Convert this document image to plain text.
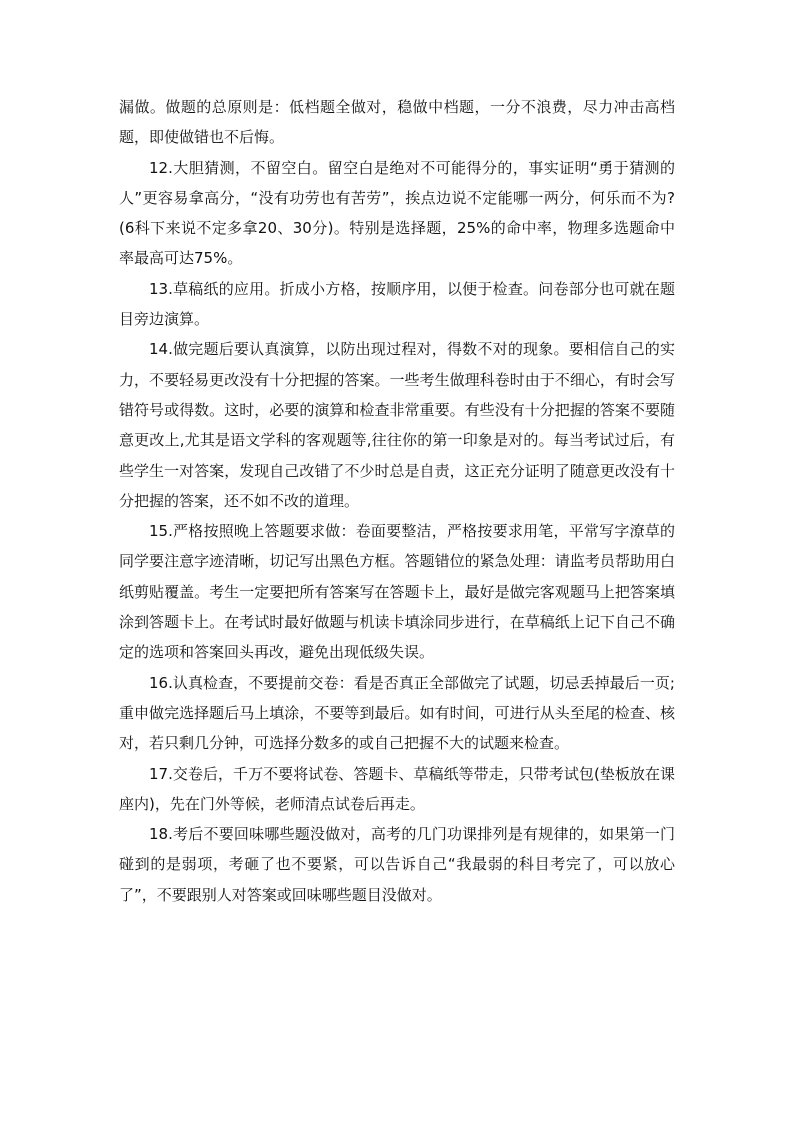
漏做。做题的总原则是：低档题全做对，稳做中档题，一分不浪费，尽力冲击高档题，即使做错也不后悔。

12.大胆猜测，不留空白。留空白是绝对不可能得分的，事实证明“勇于猜测的人”更容易拿高分，“没有功劳也有苦劳”，挨点边说不定能哪一两分，何乐而不为?(6科下来说不定多拿20、30分)。特别是选择题，25%的命中率，物理多选题命中率最高可达75%。

13.草稿纸的应用。折成小方格，按顺序用，以便于检查。问卷部分也可就在题目旁边演算。

14.做完题后要认真演算，以防出现过程对，得数不对的现象。要相信自己的实力，不要轻易更改没有十分把握的答案。一些考生做理科卷时由于不细心，有时会写错符号或得数。这时，必要的演算和检查非常重要。有些没有十分把握的答案不要随意更改上,尤其是语文学科的客观题等,往往你的第一印象是对的。每当考试过后，有些学生一对答案，发现自己改错了不少时总是自责，这正充分证明了随意更改没有十分把握的答案，还不如不改的道理。

15.严格按照晚上答题要求做：卷面要整洁，严格按要求用笔，平常写字潦草的同学要注意字迹清晰，切记写出黑色方框。答题错位的紧急处理：请监考员帮助用白纸剪贴覆盖。考生一定要把所有答案写在答题卡上，最好是做完客观题马上把答案填涂到答题卡上。在考试时最好做题与机读卡填涂同步进行，在草稿纸上记下自己不确定的选项和答案回头再改，避免出现低级失误。

16.认真检查，不要提前交卷：看是否真正全部做完了试题，切忌丢掉最后一页;重申做完选择题后马上填涂，不要等到最后。如有时间，可进行从头至尾的检查、核对，若只剩几分钟，可选择分数多的或自己把握不大的试题来检查。

17.交卷后，千万不要将试卷、答题卡、草稿纸等带走，只带考试包(垫板放在课座内)，先在门外等候，老师清点试卷后再走。

18.考后不要回味哪些题没做对，高考的几门功课排列是有规律的，如果第一门碰到的是弱项，考砸了也不要紧，可以告诉自己“我最弱的科目考完了，可以放心了”，不要跟别人对答案或回味哪些题目没做对。
